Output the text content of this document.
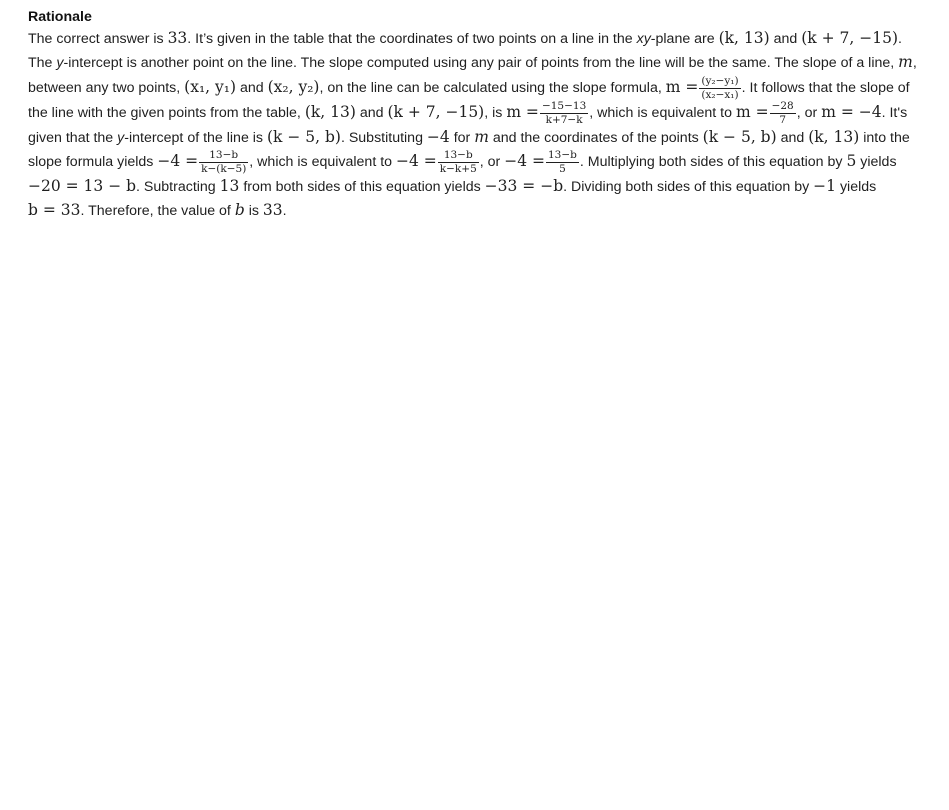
Rationale

The correct answer is 33. It’s given in the table that the coordinates of two points on a line in the xy-plane are (k, 13) and (k + 7, −15). The y-intercept is another point on the line. The slope computed using any pair of points from the line will be the same. The slope of a line, m, between any two points, (x₁, y₁) and (x₂, y₂), on the line can be calculated using the slope formula, $m = \frac{\text{(y₂−y₁)}}{\text{(x₂−x₁)}}$ . It follows that the slope of the line with the given points from the table, (k, 13) and (k + 7, −15), is $m = \frac{-15-13}{k+7-k}$ , which is equivalent to $m = \frac{-28}{7}$ , or m = −4. It's given that the y-intercept of the line is (k − 5, b). Substituting −4 for m and the coordinates of the points (k − 5, b) and (k, 13) into the slope formula yields $-4 = \frac{13-b}{k-(k-5)}$ , which is equivalent to $-4 = \frac{13-b}{k-k+5}$ , or $-4 = \frac{13-b}{5}$ . Multiplying both sides of this equation by 5 yields −20 = 13 − b. Subtracting 13 from both sides of this equation yields −33 = −b. Dividing both sides of this equation by −1 yields b = 33. Therefore, the value of b is 33.
